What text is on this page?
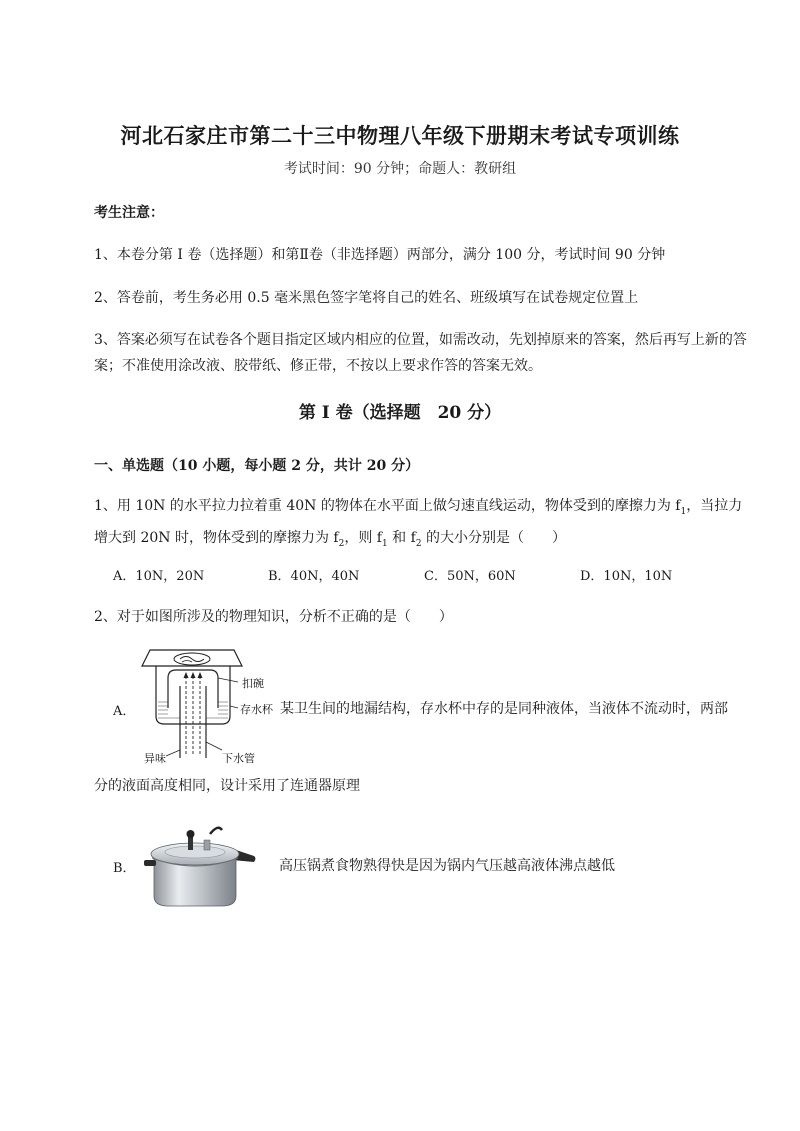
河北石家庄市第二十三中物理八年级下册期末考试专项训练
考试时间：90 分钟；命题人：教研组
考生注意：
1、本卷分第 I 卷（选择题）和第Ⅱ卷（非选择题）两部分，满分 100 分，考试时间 90 分钟
2、答卷前，考生务必用 0.5 毫米黑色签字笔将自己的姓名、班级填写在试卷规定位置上
3、答案必须写在试卷各个题目指定区域内相应的位置，如需改动，先划掉原来的答案，然后再写上新的答案；不准使用涂改液、胶带纸、修正带，不按以上要求作答的答案无效。
第 I 卷（选择题　20 分）
一、单选题（10 小题，每小题 2 分，共计 20 分）
1、用 10N 的水平拉力拉着重 40N 的物体在水平面上做匀速直线运动，物体受到的摩擦力为 $f_1$，当拉力增大到 20N 时，物体受到的摩擦力为 $f_2$，则 $f_1$ 和 $f_2$ 的大小分别是（　　）
A．10N，20N	B．40N，40N	C．50N，60N	D．10N，10N
2、对于如图所涉及的物理知识，分析不正确的是（　　）
A．
扣碗
存水杯
异味	下水管
某卫生间的地漏结构，存水杯中存的是同种液体，当液体不流动时，两部
分的液面高度相同，设计采用了连通器原理
B．	高压锅煮食物熟得快是因为锅内气压越高液体沸点越低
